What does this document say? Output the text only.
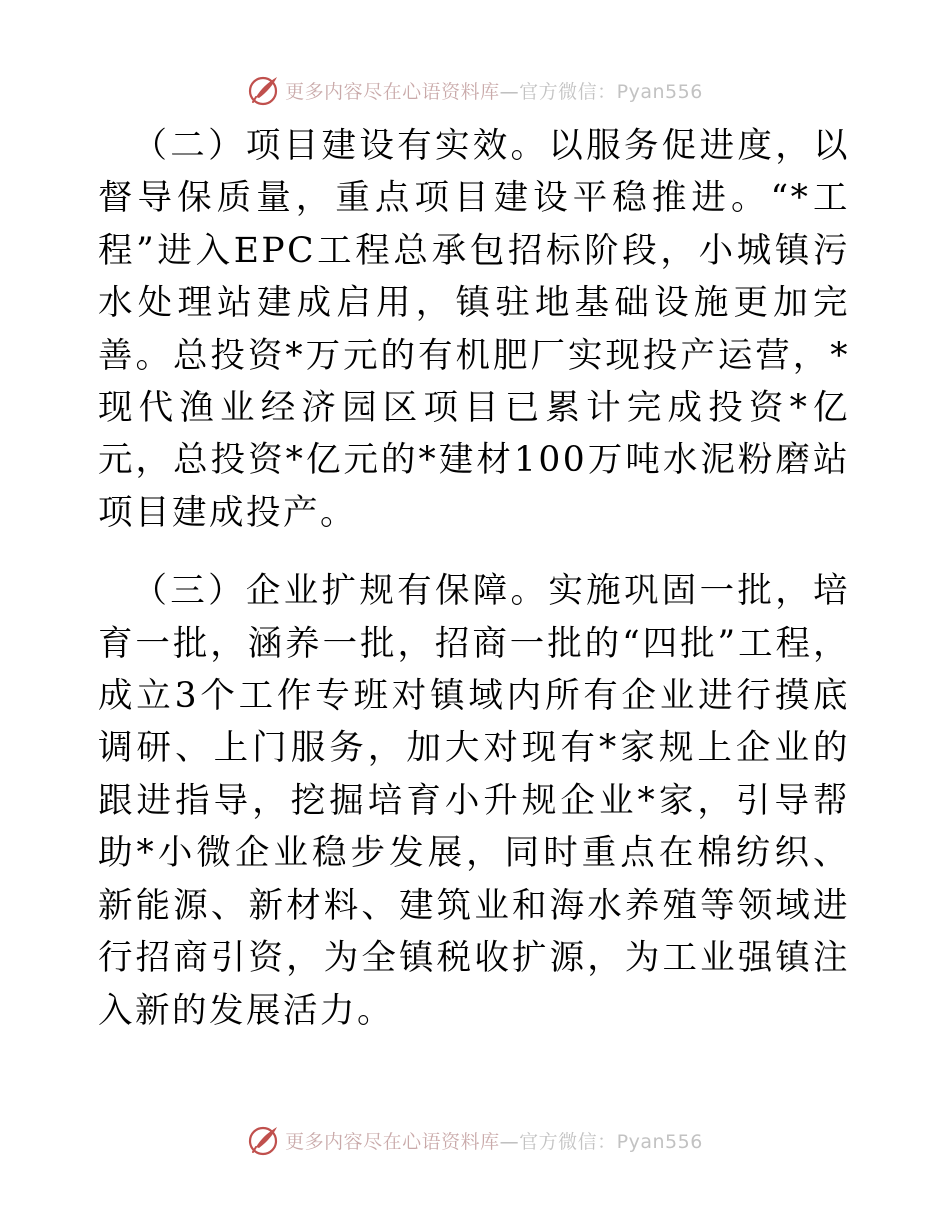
更多内容尽在心语资料库—官方微信：Pyan556

（二）项目建设有实效。以服务促进度，以督导保质量，重点项目建设平稳推进。“*工程”进入EPC工程总承包招标阶段，小城镇污水处理站建成启用，镇驻地基础设施更加完善。总投资*万元的有机肥厂实现投产运营，*现代渔业经济园区项目已累计完成投资*亿元，总投资*亿元的*建材100万吨水泥粉磨站项目建成投产。

（三）企业扩规有保障。实施巩固一批，培育一批，涵养一批，招商一批的“四批”工程，成立3个工作专班对镇域内所有企业进行摸底调研、上门服务，加大对现有*家规上企业的跟进指导，挖掘培育小升规企业*家，引导帮助*小微企业稳步发展，同时重点在棉纺织、新能源、新材料、建筑业和海水养殖等领域进行招商引资，为全镇税收扩源，为工业强镇注入新的发展活力。

更多内容尽在心语资料库—官方微信：Pyan556
